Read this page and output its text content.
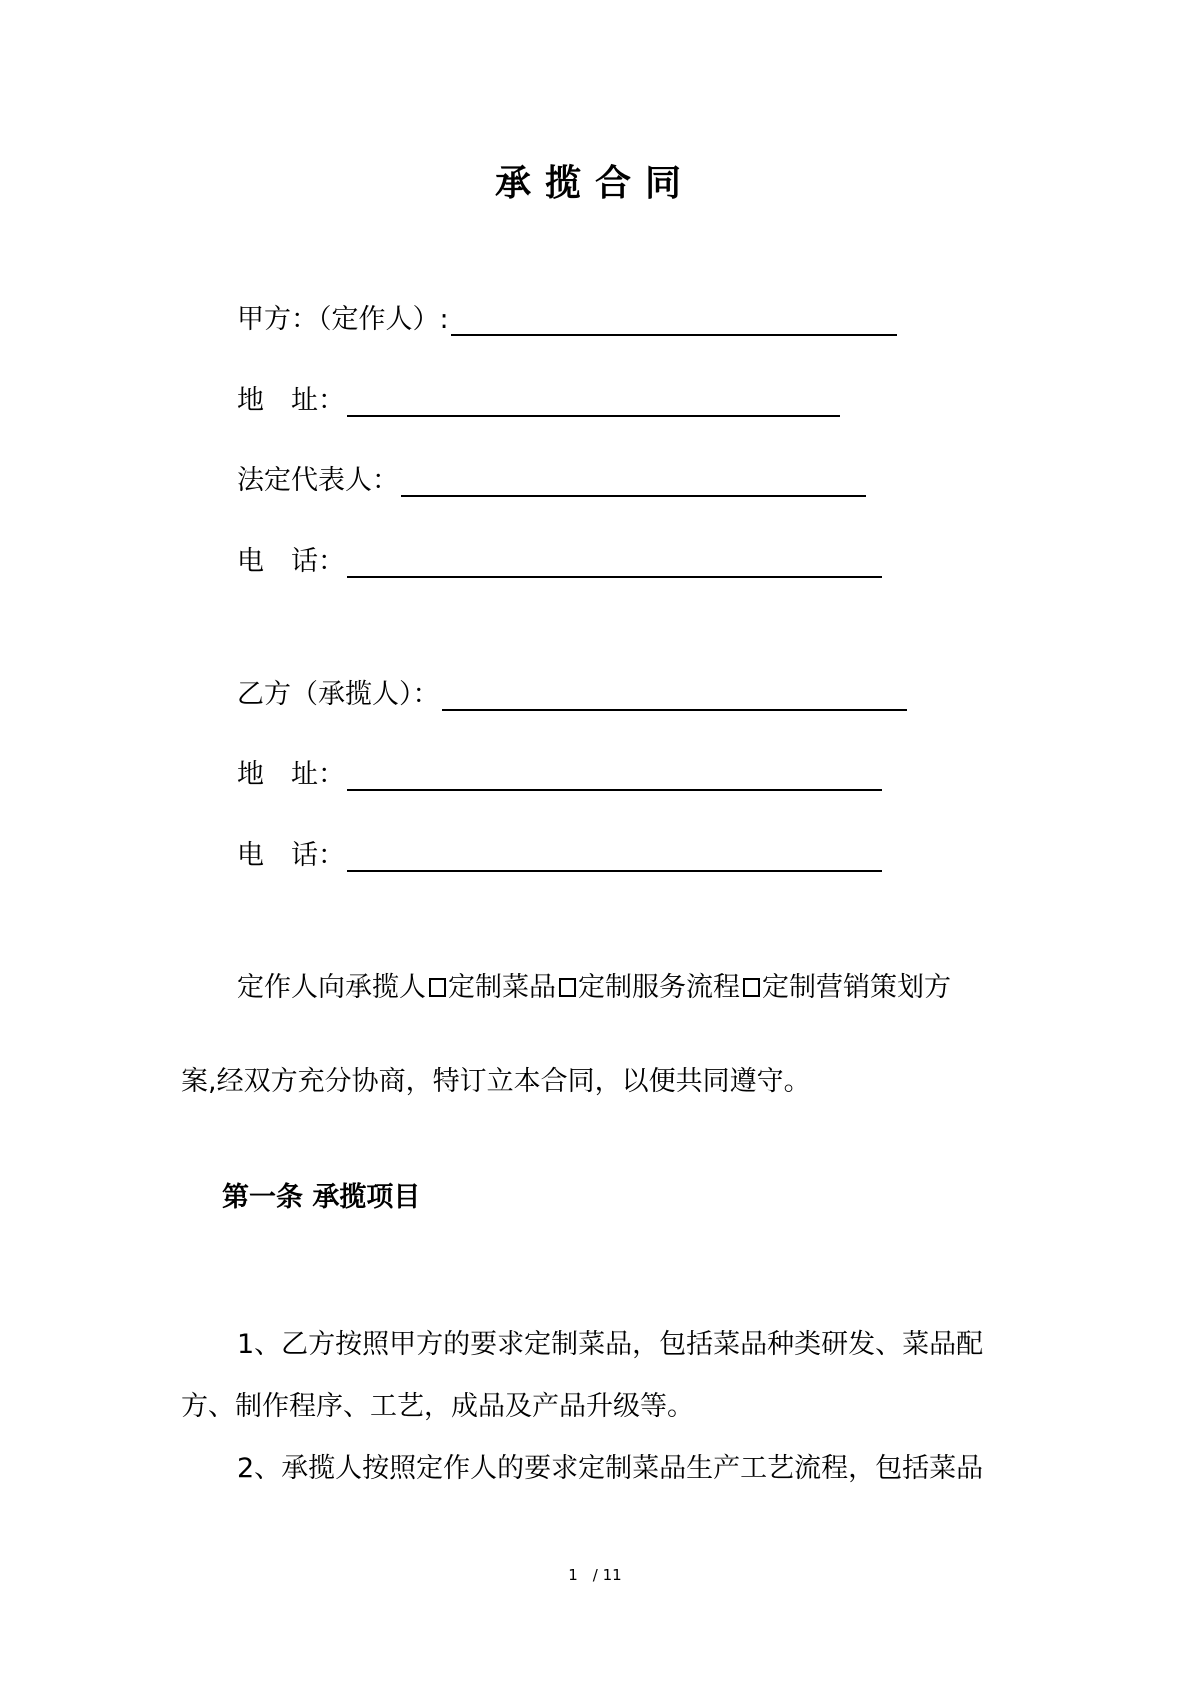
承揽合同
甲方：（定作人）:
地　址：
法定代表人：
电　话：
乙方（承揽人）：
地　址：
电　话：

定作人向承揽人 定制菜品 定制服务流程 定制营销策划方

案,经双方充分协商，特订立本合同，以便共同遵守。

第一条 承揽项目

1、乙方按照甲方的要求定制菜品，包括菜品种类研发、菜品配

方、制作程序、工艺，成品及产品升级等。

2、承揽人按照定作人的要求定制菜品生产工艺流程，包括菜品

1　/ 11
